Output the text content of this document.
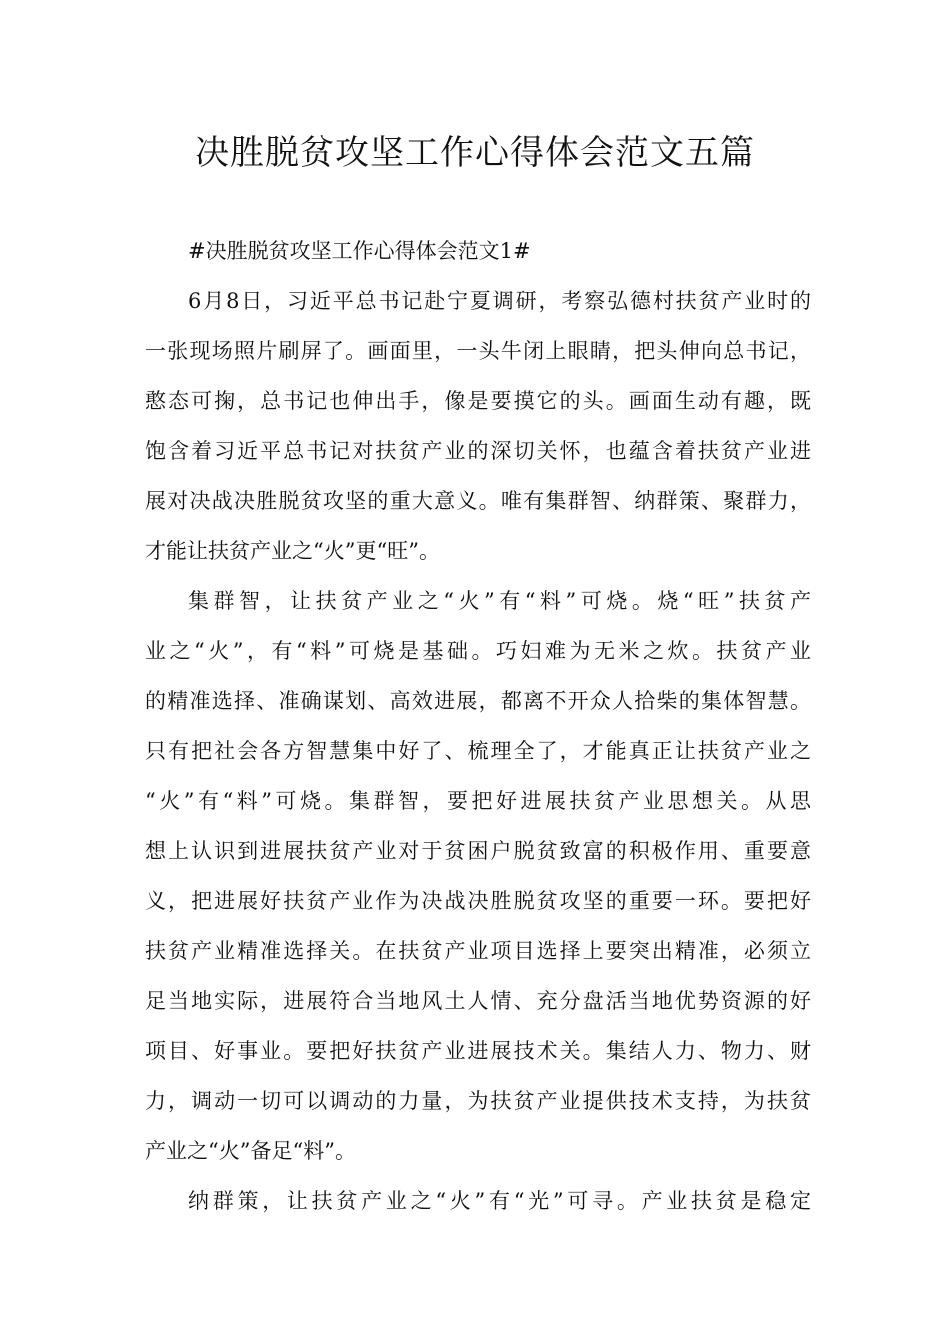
决胜脱贫攻坚工作心得体会范文五篇
#决胜脱贫攻坚工作心得体会范文1#
6月8日，习近平总书记赴宁夏调研，考察弘德村扶贫产业时的
一张现场照片刷屏了。画面里，一头牛闭上眼睛，把头伸向总书记，
憨态可掬，总书记也伸出手，像是要摸它的头。画面生动有趣，既
饱含着习近平总书记对扶贫产业的深切关怀，也蕴含着扶贫产业进
展对决战决胜脱贫攻坚的重大意义。唯有集群智、纳群策、聚群力，
才能让扶贫产业之“火”更“旺”。
集群智，让扶贫产业之“火”有“料”可烧。烧“旺”扶贫产
业之“火”，有“料”可烧是基础。巧妇难为无米之炊。扶贫产业
的精准选择、准确谋划、高效进展，都离不开众人拾柴的集体智慧。
只有把社会各方智慧集中好了、梳理全了，才能真正让扶贫产业之
“火”有“料”可烧。集群智，要把好进展扶贫产业思想关。从思
想上认识到进展扶贫产业对于贫困户脱贫致富的积极作用、重要意
义，把进展好扶贫产业作为决战决胜脱贫攻坚的重要一环。要把好
扶贫产业精准选择关。在扶贫产业项目选择上要突出精准，必须立
足当地实际，进展符合当地风土人情、充分盘活当地优势资源的好
项目、好事业。要把好扶贫产业进展技术关。集结人力、物力、财
力，调动一切可以调动的力量，为扶贫产业提供技术支持，为扶贫
产业之“火”备足“料”。
纳群策，让扶贫产业之“火”有“光”可寻。产业扶贫是稳定
